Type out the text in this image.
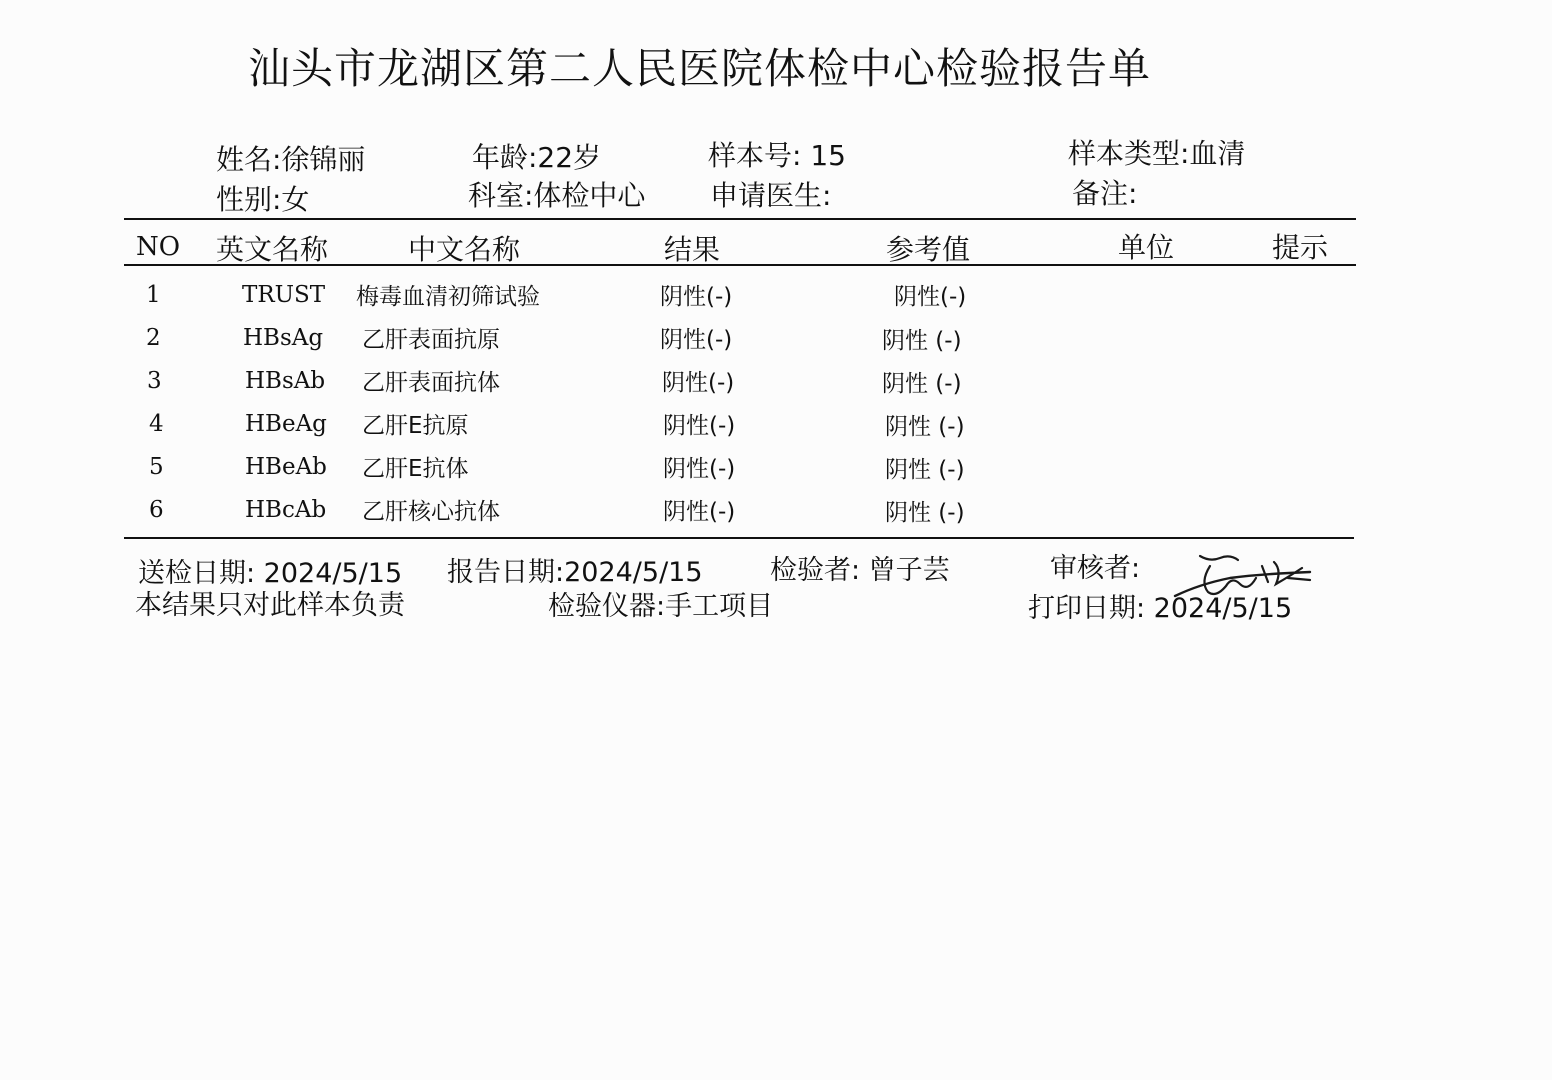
汕头市龙湖区第二人民医院体检中心检验报告单
姓名:徐锦丽	年龄:22岁	样本号: 15	样本类型:血清
性别:女	科室:体检中心 申请医生:	备注:
NO 英文名称	中文名称	结果	参考值	单位	提示
1	TRUST 梅毒血清初筛试验	阴性(-)	阴性(-)
2	HBsAg 乙肝表面抗原	阴性(-)	阴性 (-)
3	HBsAb 乙肝表面抗体	阴性(-)	阴性 (-)
4	HBeAg 乙肝E抗原	阴性(-)	阴性 (-)
5	HBeAb 乙肝E抗体	阴性(-)	阴性 (-)
6	HBcAb 乙肝核心抗体	阴性(-)	阴性 (-)
送检日期: 2024/5/15 报告日期:2024/5/15 检验者: 曾子芸	审核者:
本结果只对此样本负责	检验仪器:手工项目	打印日期: 2024/5/15
